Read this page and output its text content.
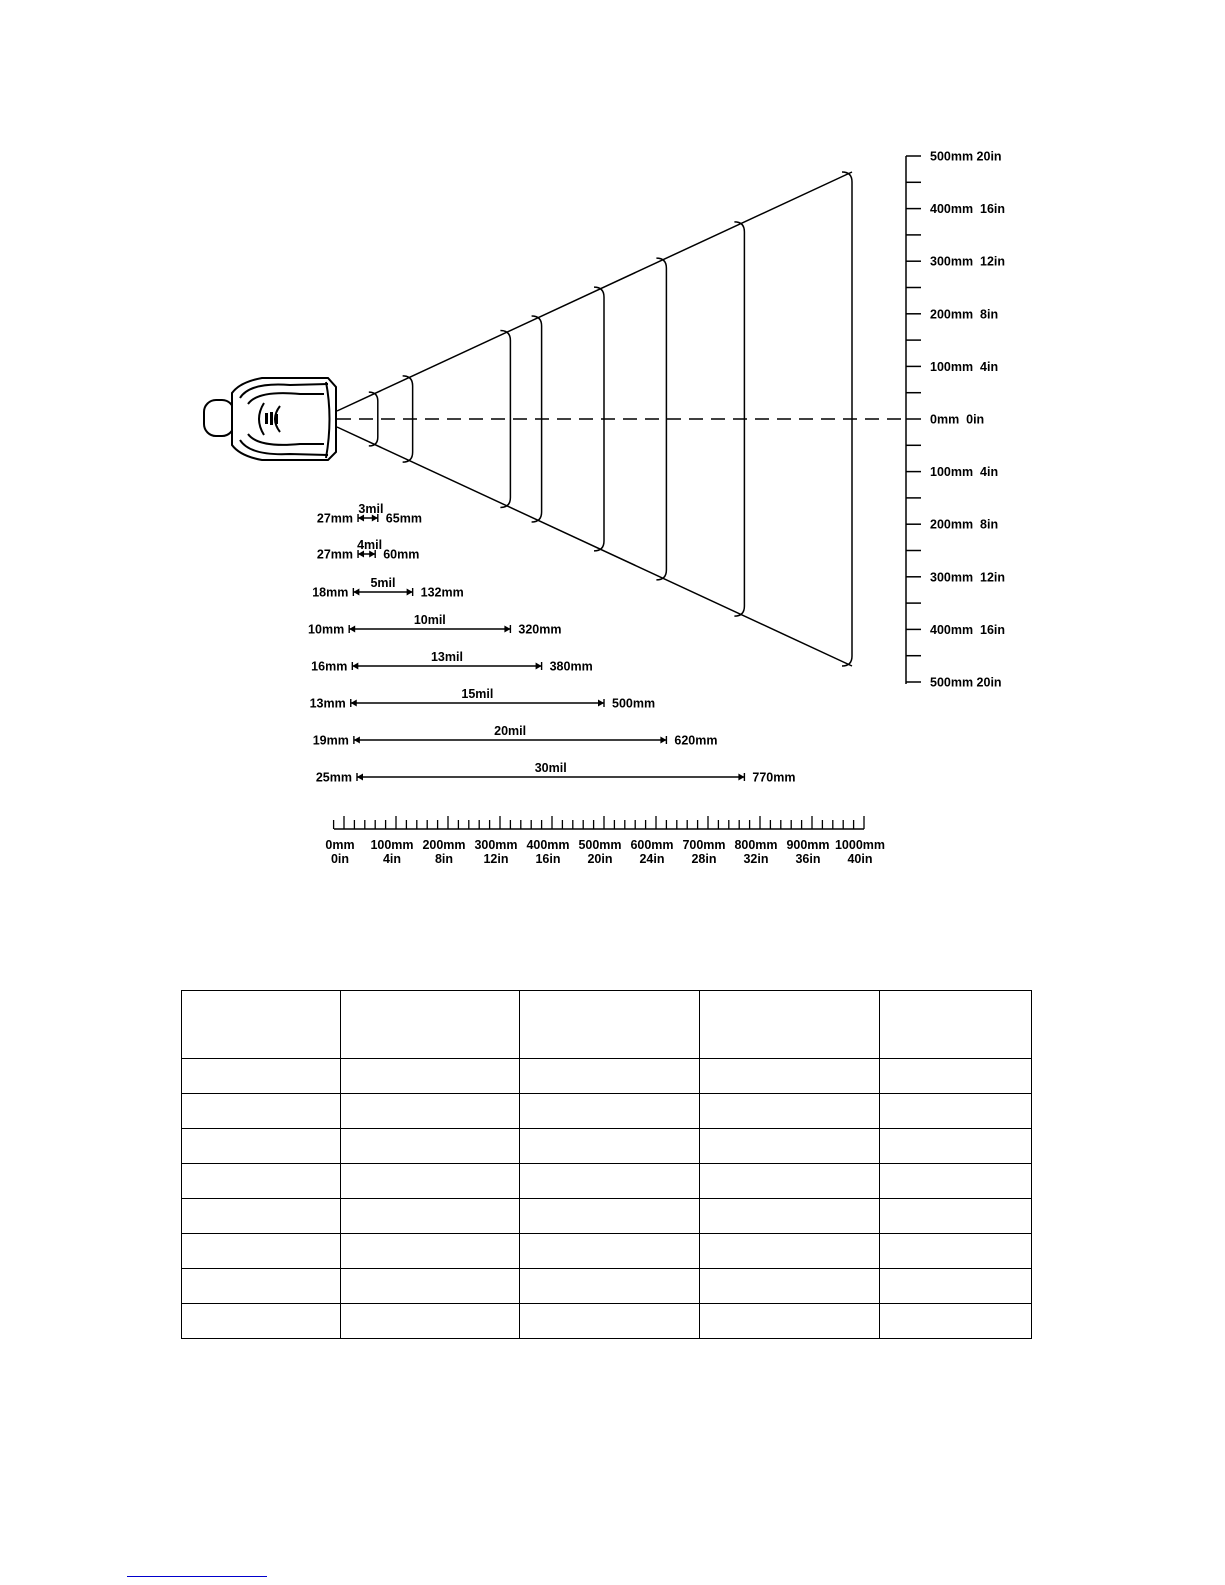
500mm 20in
400mm  16in
300mm  12in
200mm  8in
100mm  4in
0mm  0in
100mm  4in
200mm  8in
300mm  12in
400mm  16in
500mm 20in
27mm	65mm
3mil
27mm 60mm
4mil
18mm	132mm
5mil
10mm	320mm
10mil
16mm	380mm
13mil
13mm	500mm
15mil
19mm	620mm
20mil
25mm	770mm
30mil
0mm
0in
100mm
4in
200mm
8in
300mm
12in
400mm
16in
500mm
20in
600mm
24in
700mm
28in
800mm
32in
900mm
36in
1000mm
40in
